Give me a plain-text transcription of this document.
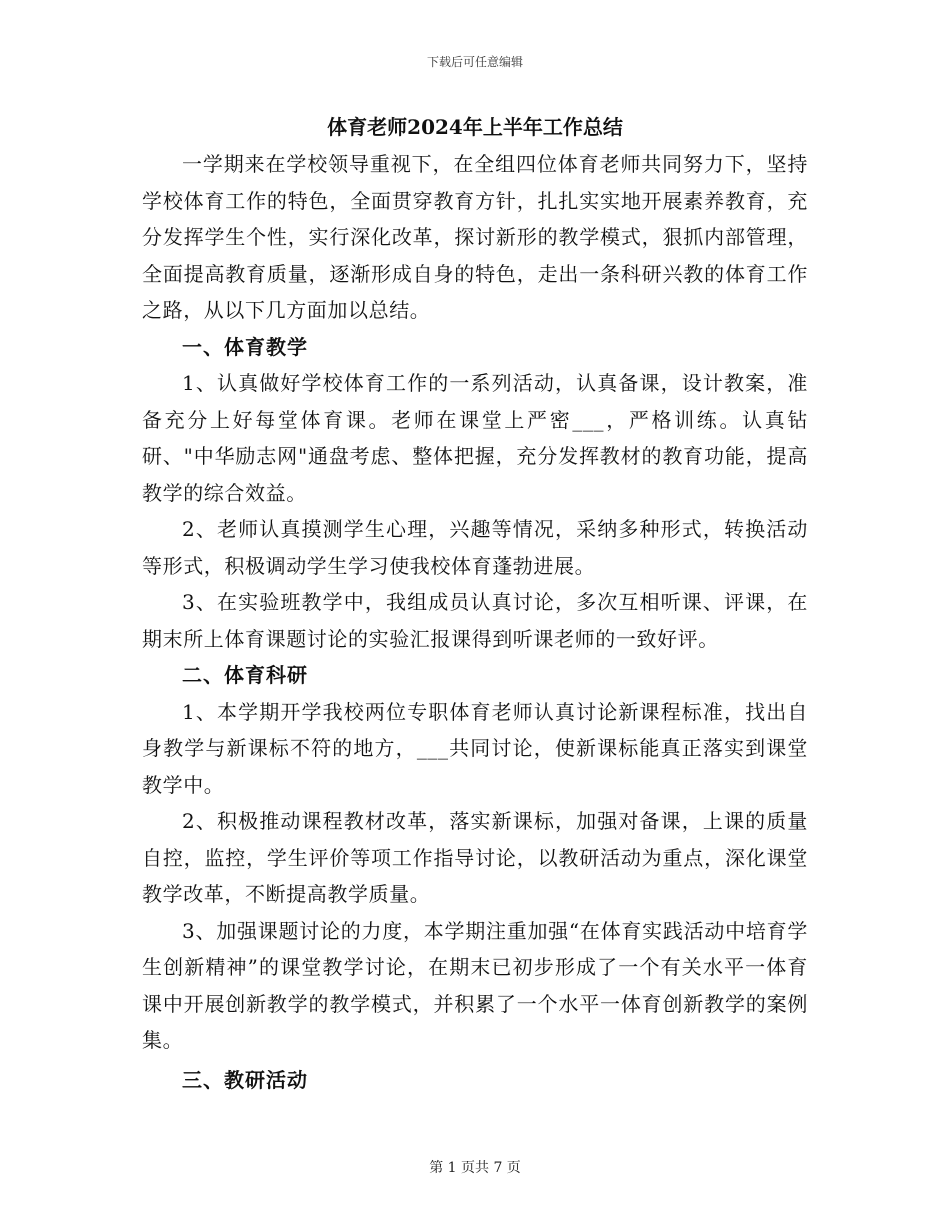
下载后可任意编辑
体育老师2024年上半年工作总结

一学期来在学校领导重视下，在全组四位体育老师共同努力下，坚持学校体育工作的特色，全面贯穿教育方针，扎扎实实地开展素养教育，充分发挥学生个性，实行深化改革，探讨新形的教学模式，狠抓内部管理，全面提高教育质量，逐渐形成自身的特色，走出一条科研兴教的体育工作之路，从以下几方面加以总结。

一、体育教学

1、认真做好学校体育工作的一系列活动，认真备课，设计教案，准备充分上好每堂体育课。老师在课堂上严密___，严格训练。认真钻研、"中华励志网"通盘考虑、整体把握，充分发挥教材的教育功能，提高教学的综合效益。

2、老师认真摸测学生心理，兴趣等情况，采纳多种形式，转换活动等形式，积极调动学生学习使我校体育蓬勃进展。

3、在实验班教学中，我组成员认真讨论，多次互相听课、评课，在期末所上体育课题讨论的实验汇报课得到听课老师的一致好评。

二、体育科研

1、本学期开学我校两位专职体育老师认真讨论新课程标准，找出自身教学与新课标不符的地方，___共同讨论，使新课标能真正落实到课堂教学中。

2、积极推动课程教材改革，落实新课标，加强对备课，上课的质量自控，监控，学生评价等项工作指导讨论，以教研活动为重点，深化课堂教学改革，不断提高教学质量。

3、加强课题讨论的力度，本学期注重加强“在体育实践活动中培育学生创新精神”的课堂教学讨论，在期末已初步形成了一个有关水平一体育课中开展创新教学的教学模式，并积累了一个水平一体育创新教学的案例集。

三、教研活动

第 1 页共 7 页
